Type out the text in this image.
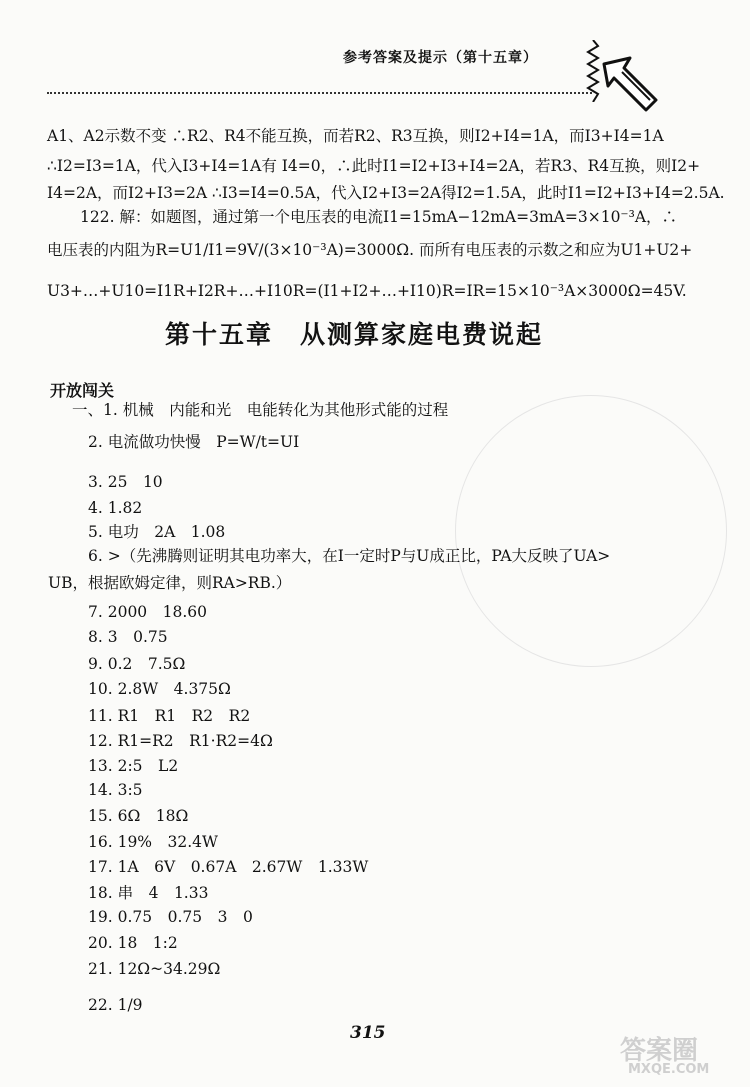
参考答案及提示（第十五章）
A1、A2示数不变 ∴R2、R4不能互换，而若R2、R3互换，则I2+I4=1A，而I3+I4=1A
∴I2=I3=1A，代入I3+I4=1A有 I4=0，∴此时I1=I2+I3+I4=2A，若R3、R4互换，则I2+
I4=2A，而I2+I3=2A ∴I3=I4=0.5A，代入I2+I3=2A得I2=1.5A，此时I1=I2+I3+I4=2.5A.
122. 解：如题图，通过第一个电压表的电流I1=15mA−12mA=3mA=3×10⁻³A，∴
电压表的内阻为R=U1/I1=9V/(3×10⁻³A)=3000Ω. 而所有电压表的示数之和应为U1+U2+
U3+…+U10=I1R+I2R+…+I10R=(I1+I2+…+I10)R=IR=15×10⁻³A×3000Ω=45V.
第十五章　从测算家庭电费说起
开放闯关
一、1. 机械　内能和光　电能转化为其他形式能的过程
2. 电流做功快慢　P=W/t=UI
3. 25　10
4. 1.82
5. 电功　2A　1.08
6. >（先沸腾则证明其电功率大，在I一定时P与U成正比，PA大反映了UA>
UB，根据欧姆定律，则RA>RB.）
7. 2000　18.60
8. 3　0.75
9. 0.2　7.5Ω
10. 2.8W　4.375Ω
11. R1　R1　R2　R2
12. R1=R2　R1·R2=4Ω
13. 2:5　L2
14. 3:5
15. 6Ω　18Ω
16. 19%　32.4W
17. 1A　6V　0.67A　2.67W　1.33W
18. 串　4　1.33
19. 0.75　0.75　3　0
20. 18　1:2
21. 12Ω~34.29Ω
22. 1/9
315
答案圈
MXQE.COM
